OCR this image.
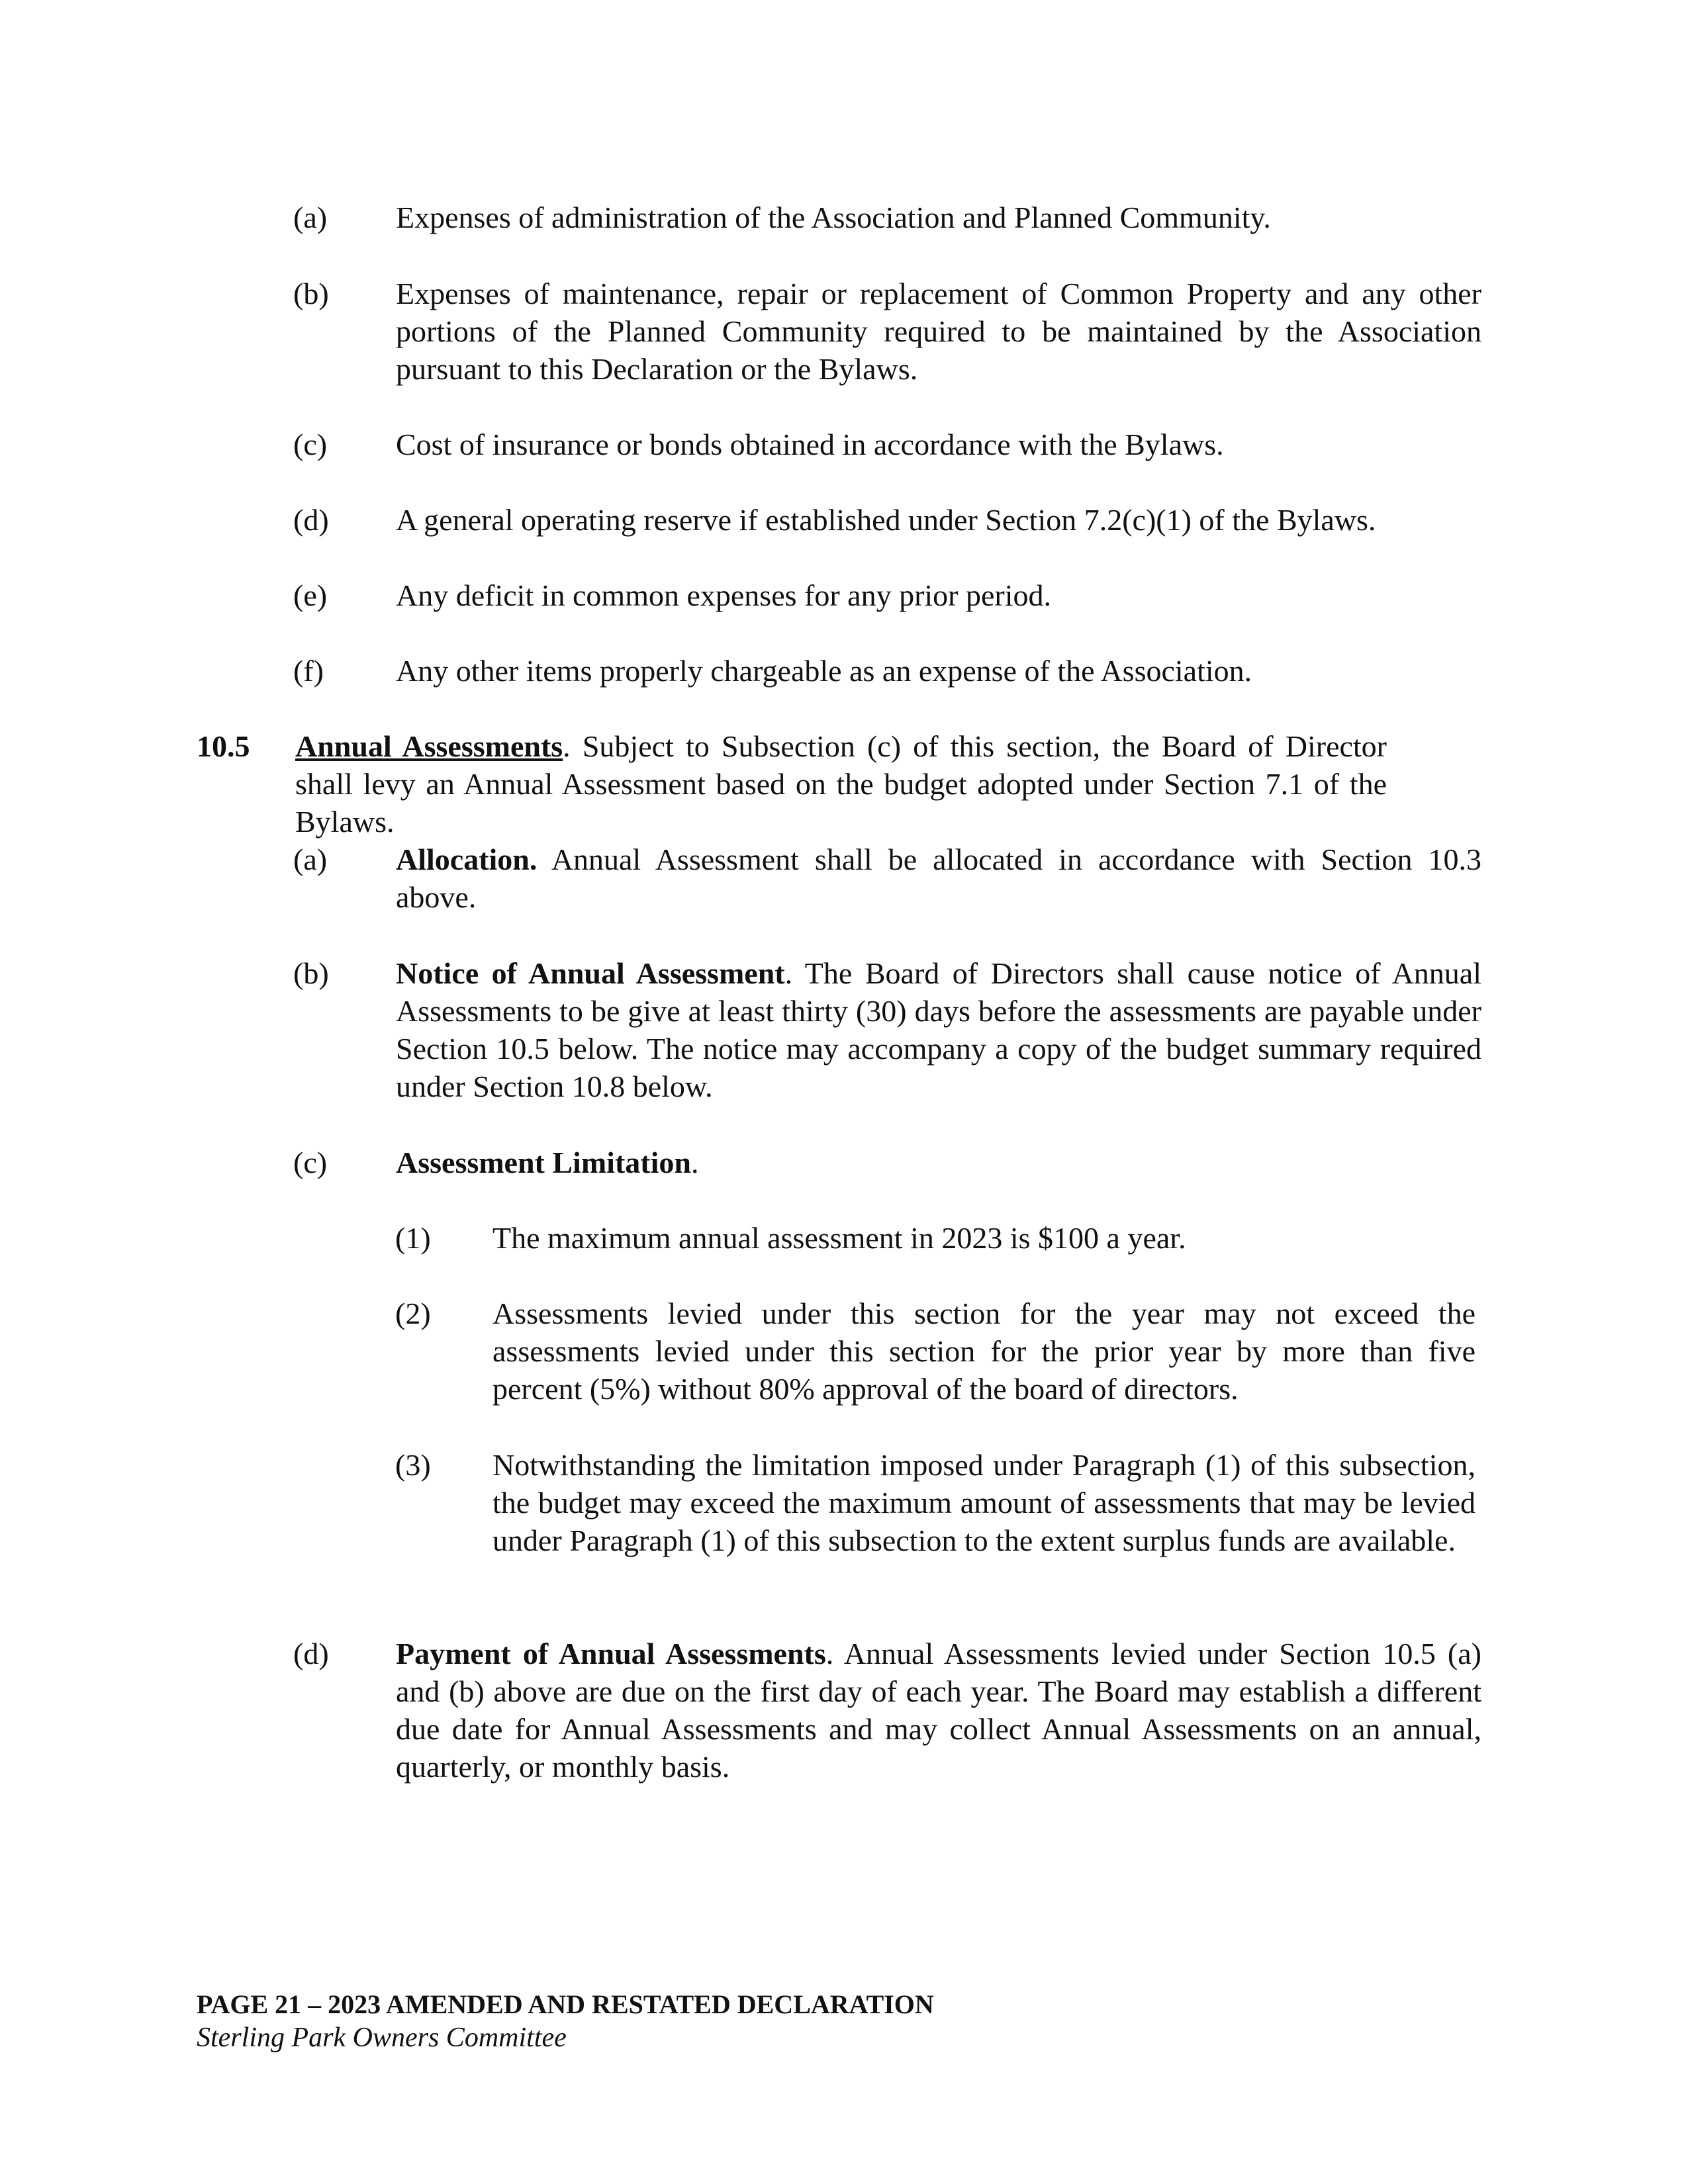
(a) Expenses of administration of the Association and Planned Community.
(b) Expenses of maintenance, repair or replacement of Common Property and any other portions of the Planned Community required to be maintained by the Association pursuant to this Declaration or the Bylaws.
(c) Cost of insurance or bonds obtained in accordance with the Bylaws.
(d) A general operating reserve if established under Section 7.2(c)(1) of the Bylaws.
(e) Any deficit in common expenses for any prior period.
(f) Any other items properly chargeable as an expense of the Association.
10.5 Annual Assessments. Subject to Subsection (c) of this section, the Board of Director shall levy an Annual Assessment based on the budget adopted under Section 7.1 of the Bylaws.
(a) Allocation. Annual Assessment shall be allocated in accordance with Section 10.3 above.
(b) Notice of Annual Assessment. The Board of Directors shall cause notice of Annual Assessments to be give at least thirty (30) days before the assessments are payable under Section 10.5 below. The notice may accompany a copy of the budget summary required under Section 10.8 below.
(c) Assessment Limitation.
(1) The maximum annual assessment in 2023 is $100 a year.
(2) Assessments levied under this section for the year may not exceed the assessments levied under this section for the prior year by more than five percent (5%) without 80% approval of the board of directors.
(3) Notwithstanding the limitation imposed under Paragraph (1) of this subsection, the budget may exceed the maximum amount of assessments that may be levied under Paragraph (1) of this subsection to the extent surplus funds are available.
(d) Payment of Annual Assessments. Annual Assessments levied under Section 10.5 (a) and (b) above are due on the first day of each year. The Board may establish a different due date for Annual Assessments and may collect Annual Assessments on an annual, quarterly, or monthly basis.
PAGE 21 – 2023 AMENDED AND RESTATED DECLARATION
Sterling Park Owners Committee
